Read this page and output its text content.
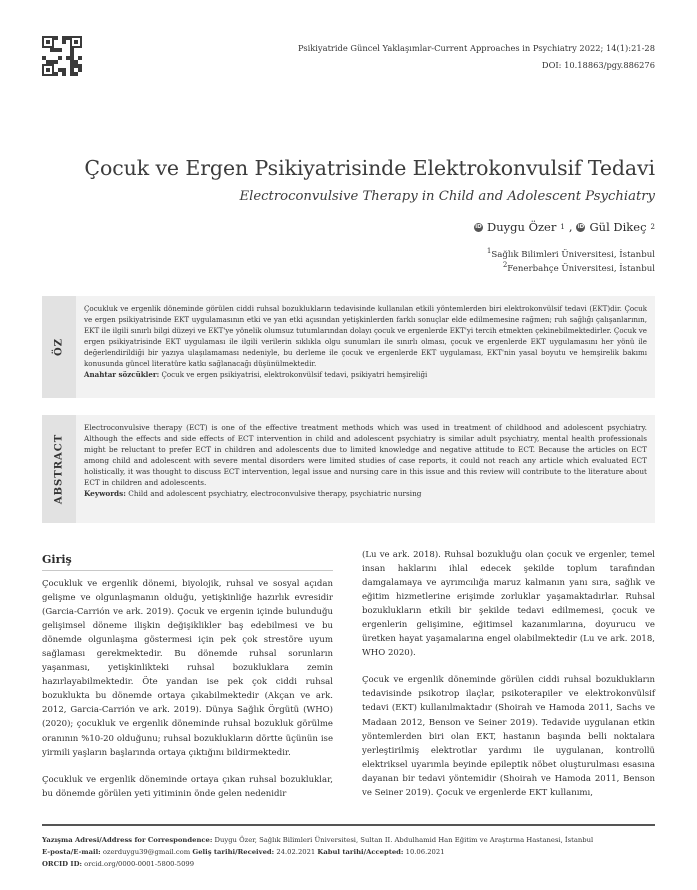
Psikiyatride Güncel Yaklaşımlar-Current Approaches in Psychiatry 2022; 14(1):21-28
DOI: 10.18863/pgy.886276
Çocuk ve Ergen Psikiyatrisinde Elektrokonvulsif Tedavi
Electroconvulsive Therapy in Child and Adolescent Psychiatry
iD Duygu Özer 1 , iD Gül Dikeç 2
$^1$Sağlık Bilimleri Üniversitesi, İstanbul
$^2$Fenerbahçe Üniversitesi, İstanbul
ÖZ
Çocukluk ve ergenlik döneminde görülen ciddi ruhsal bozuklukların tedavisinde kullanılan etkili yöntemlerden biri elektrokonvülsif tedavi (EKT)dir. Çocuk ve ergen psikiyatrisinde EKT uygulamasının etki ve yan etki açısından yetişkinlerden farklı sonuçlar elde edilmemesine rağmen; ruh sağlığı çalışanlarının, EKT ile ilgili sınırlı bilgi düzeyi ve EKT'ye yönelik olumsuz tutumlarından dolayı çocuk ve ergenlerde EKT'yi tercih etmekten çekinebilmektedirler. Çocuk ve ergen psikiyatrisinde EKT uygulaması ile ilgili verilerin sıklıkla olgu sunumları ile sınırlı olması, çocuk ve ergenlerde EKT uygulamasını her yönü ile değerlendirildiği bir yazıya ulaşılamaması nedeniyle, bu derleme ile çocuk ve ergenlerde EKT uygulaması, EKT'nin yasal boyutu ve hemşirelik bakımı konusunda güncel literatüre katkı sağlanacağı düşünülmektedir.
Anahtar sözcükler: Çocuk ve ergen psikiyatrisi, elektrokonvülsif tedavi, psikiyatri hemşireliği
ABSTRACT
Electroconvulsive therapy (ECT) is one of the effective treatment methods which was used in treatment of childhood and adolescent psychiatry. Although the effects and side effects of ECT intervention in child and adolescent psychiatry is similar adult psychiatry, mental health professionals might be reluctant to prefer ECT in children and adolescents due to limited knowledge and negative attitude to ECT. Because the articles on ECT among child and adolescent with severe mental disorders were limited studies of case reports, it could not reach any article which evaluated ECT holistically, it was thought to discuss ECT intervention, legal issue and nursing care in this issue and this review will contribute to the literature about ECT in children and adolescents.
Keywords: Child and adolescent psychiatry, electroconvulsive therapy, psychiatric nursing
Giriş

Çocukluk ve ergenlik dönemi, biyolojik, ruhsal ve sosyal açıdan gelişme ve olgunlaşmanın olduğu, yetişkinliğe hazırlık evresidir (Garcia-Carrión ve ark. 2019). Çocuk ve ergenin içinde bulunduğu gelişimsel döneme ilişkin değişiklikler baş edebilmesi ve bu dönemde olgunlaşma göstermesi için pek çok strestöre uyum sağlaması gerekmektedir. Bu dönemde ruhsal sorunların yaşanması, yetişkinlikteki ruhsal bozukluklara zemin hazırlayabilmektedir. Öte yandan ise pek çok ciddi ruhsal bozuklukta bu dönemde ortaya çıkabilmektedir (Akçan ve ark. 2012, Garcia-Carrión ve ark. 2019). Dünya Sağlık Örgütü (WHO) (2020); çocukluk ve ergenlik döneminde ruhsal bozukluk görülme oranının %10-20 olduğunu; ruhsal bozuklukların dörtte üçünün ise yirmili yaşların başlarında ortaya çıktığını bildirmektedir.

Çocukluk ve ergenlik döneminde ortaya çıkan ruhsal bozukluklar, bu dönemde görülen yeti yitiminin önde gelen nedenidir

(Lu ve ark. 2018). Ruhsal bozukluğu olan çocuk ve ergenler, temel insan haklarını ihlal edecek şekilde toplum tarafından damgalamaya ve ayrımcılığa maruz kalmanın yanı sıra, sağlık ve eğitim hizmetlerine erişimde zorluklar yaşamaktadırlar. Ruhsal bozuklukların etkili bir şekilde tedavi edilmemesi, çocuk ve ergenlerin gelişimine, eğitimsel kazanımlarına, doyurucu ve üretken hayat yaşamalarına engel olabilmektedir (Lu ve ark. 2018, WHO 2020).

Çocuk ve ergenlik döneminde görülen ciddi ruhsal bozuklukların tedavisinde psikotrop ilaçlar, psikoterapiler ve elektrokonvülsif tedavi (EKT) kullanılmaktadır (Shoirah ve Hamoda 2011, Sachs ve Madaan 2012, Benson ve Seiner 2019). Tedavide uygulanan etkin yöntemlerden biri olan EKT, hastanın başında belli noktalara yerleştirilmiş elektrotlar yardımı ile uygulanan, kontrollü elektriksel uyarımla beyinde epileptik nöbet oluşturulması esasına dayanan bir tedavi yöntemidir (Shoirah ve Hamoda 2011, Benson ve Seiner 2019). Çocuk ve ergenlerde EKT kullanımı,

Yazışma Adresi/Address for Correspondence: Duygu Özer, Sağlık Bilimleri Üniversitesi, Sultan II. Abdulhamid Han Eğitim ve Araştırma Hastanesi, İstanbul
E-posta/E-mail: ozerduygu39@gmail.com Geliş tarihi/Received: 24.02.2021 Kabul tarihi/Accepted: 10.06.2021
ORCID ID: orcid.org/0000-0001-5800-5099
